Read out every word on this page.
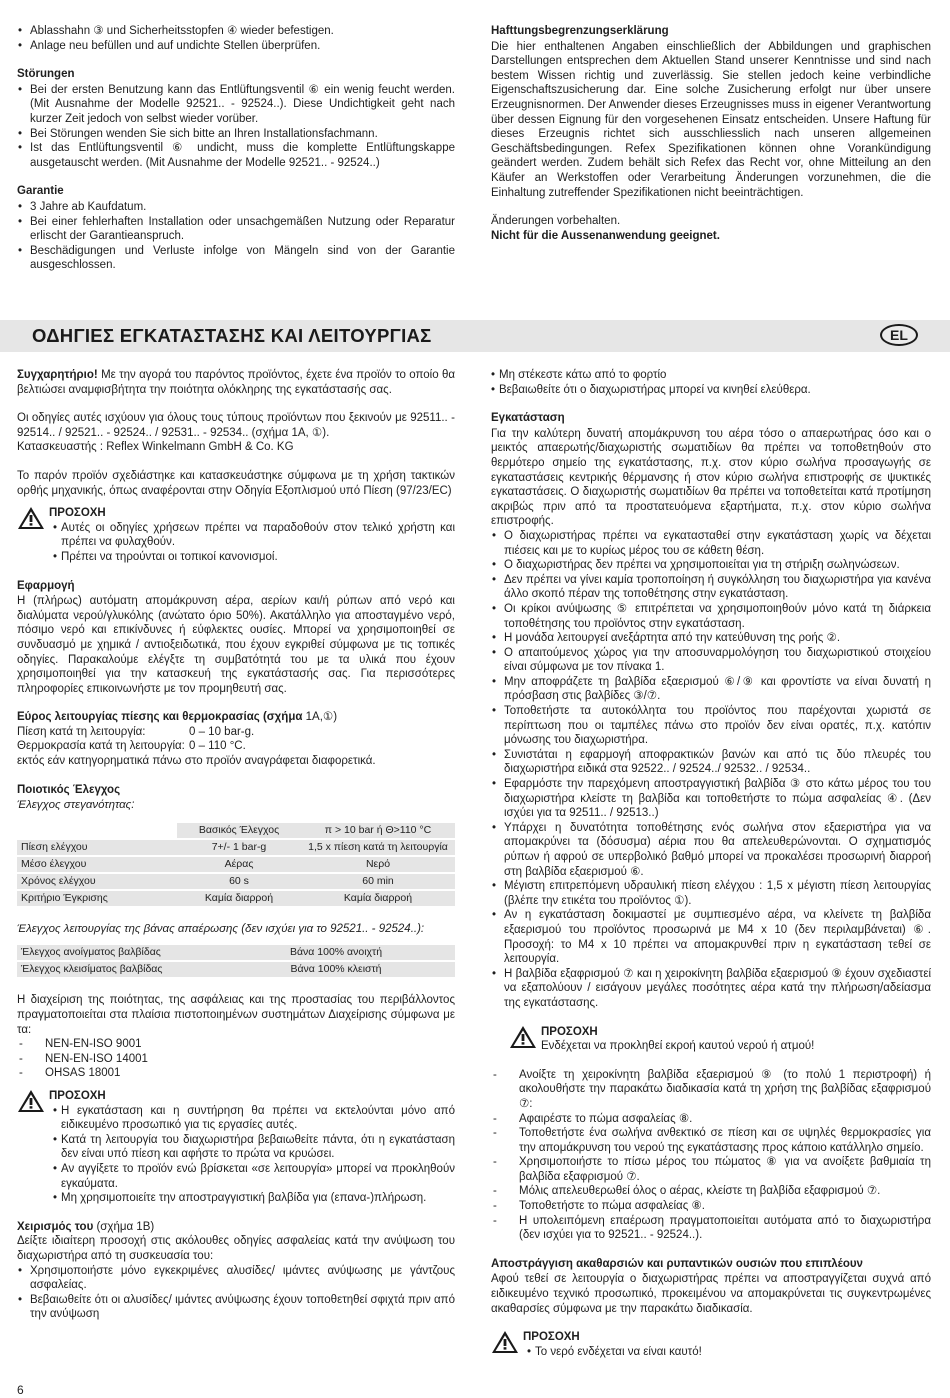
• Ablasshahn ③ und Sicherheitsstopfen ④ wieder befestigen.
• Anlage neu befüllen und auf undichte Stellen überprüfen.
Störungen
• Bei der ersten Benutzung kann das Entlüftungsventil ⑥ ein wenig feucht werden. (Mit Ausnahme der Modelle 92521.. - 92524..). Diese Undichtigkeit geht nach kurzer Zeit jedoch von selbst wieder vorüber.
• Bei Störungen wenden Sie sich bitte an Ihren Installationsfachmann.
• Ist das Entlüftungsventil ⑥ undicht, muss die komplette Entlüftungskappe ausgetauscht werden. (Mit Ausnahme der Modelle 92521.. - 92524..)
Garantie
• 3 Jahre ab Kaufdatum.
• Bei einer fehlerhaften Installation oder unsachgemäßen Nutzung oder Reparatur erlischt der Garantieanspruch.
• Beschädigungen und Verluste infolge von Mängeln sind von der Garantie ausgeschlossen.
Hafttungsbegrenzungserklärung

Die hier enthaltenen Angaben einschließlich der Abbildungen und graphischen Darstellungen entsprechen dem Aktuellen Stand unserer Kenntnisse und sind nach bestem Wissen richtig und zuverlässig. Sie stellen jedoch keine verbindliche Eigenschaftszusicherung dar. Eine solche Zusicherung erfolgt nur über unsere Erzeugnisnormen. Der Anwender dieses Erzeugnisses muss in eigener Verantwortung über dessen Eignung für den vorgesehenen Einsatz entscheiden. Unsere Haftung für dieses Erzeugnis richtet sich ausschliesslich nach unseren allgemeinen Geschäftsbedingungen. Refex Spezifikationen können ohne Vorankündigung geändert werden. Zudem behält sich Refex das Recht vor, ohne Mitteilung an den Käufer an Werkstoffen oder Verarbeitung Änderungen vorzunehmen, die die Einhaltung zutreffender Spezifikationen nicht beeinträchtigen.

Änderungen vorbehalten.

Nicht für die Aussenanwendung geeignet.

ΟΔΗΓΙΕΣ ΕΓΚΑΤΑΣΤΑΣΗΣ ΚΑΙ ΛΕΙΤΟΥΡΓΙΑΣ	EL

Συγχαρητήριο! Με την αγορά του παρόντος προϊόντος, έχετε ένα προϊόν το οποίο θα βελτιώσει αναμφισβήτητα την ποιότητα ολόκληρης της εγκατάστασής σας.

Οι οδηγίες αυτές ισχύουν για όλους τους τύπους προϊόντων που ξεκινούν με 92511.. - 92514.. / 92521.. - 92524.. / 92531.. - 92534.. (σχήμα 1A, ①).

Κατασκευαστής : Reflex Winkelmann GmbH & Co. KG

Το παρόν προϊόν σχεδιάστηκε και κατασκευάστηκε σύμφωνα με τη χρήση τακτικών ορθής μηχανικής, όπως αναφέρονται στην Οδηγία Εξοπλισμού υπό Πίεση (97/23/EC)

ΠΡΟΣΟΧΗ
• Αυτές οι οδηγίες χρήσεων πρέπει να παραδοθούν στον τελικό χρήστη και πρέπει να φυλαχθούν.
• Πρέπει να τηρούνται οι τοπικοί κανονισμοί.
Εφαρμογή

Η (πλήρως) αυτόματη απομάκρυνση αέρα, αερίων και/ή ρύπων από νερό και διαλύματα νερού/γλυκόλης (ανώτατο όριο 50%). Ακατάλληλο για αποσταγμένο νερό, πόσιμο νερό και επικίνδυνες ή εύφλεκτες ουσίες. Μπορεί να χρησιμοποιηθεί σε συνδυασμό με χημικά / αντιοξειδωτικά, που έχουν εγκριθεί σύμφωνα με τις τοπικές οδηγίες. Παρακαλούμε ελέγξτε τη συμβατότητά του με τα υλικά που έχουν χρησιμοποιηθεί για την κατασκευή της εγκατάστασής σας. Για περισσότερες πληροφορίες επικοινωνήστε με τον προμηθευτή σας.

Εύρος λειτουργίας πίεσης και θερμοκρασίας (σχήμα 1A,①)
Πίεση κατά τη λειτουργία:	0 – 10 bar-g.
Θερμοκρασία κατά τη λειτουργία: 0 – 110 °C.

εκτός εάν κατηγορηματικά πάνω στο προϊόν αναγράφεται διαφορετικά.

Ποιοτικός Έλεγχος
Έλεγχος στεγανότητας:
	Βασικός Έλεγχος	π > 10 bar ή Θ>110 °C
Πίεση ελέγχου	7+/- 1 bar-g	1,5 x πίεση κατά τη λειτουργία
Μέσο έλεγχου	Αέρας	Νερό
Χρόνος ελέγχου	60 s	60 min
Κριτήριο Έγκρισης	Καμία διαρροή	Καμία διαρροή
Έλεγχος λειτουργίας της βάνας απαέρωσης (δεν ισχύει για το 92521.. - 92524..):
Έλεγχος ανοίγματος βαλβίδας	Βάνα 100% ανοιχτή
Έλεγχος κλεισίματος βαλβίδας	Βάνα 100% κλειστή

Η διαχείριση της ποιότητας, της ασφάλειας και της προστασίας του περιβάλλοντος πραγματοποιείται στα πλαίσια πιστοποιημένων συστημάτων Διαχείρισης σύμφωνα με τα:

- NEN-EN-ISO 9001
- NEN-EN-ISO 14001
- OHSAS 18001
ΠΡΟΣΟΧΗ
• Η εγκατάσταση και η συντήρηση θα πρέπει να εκτελούνται μόνο από ειδικευμένο προσωπικό για τις εργασίες αυτές.
• Κατά τη λειτουργία του διαχωριστήρα βεβαιωθείτε πάντα, ότι η εγκατάσταση δεν είναι υπό πίεση και αφήστε το πρώτα να κρυώσει.
• Αν αγγίξετε το προϊόν ενώ βρίσκεται «σε λειτουργία» μπορεί να προκληθούν εγκαύματα.
• Μη χρησιμοποιείτε την αποστραγγιστική βαλβίδα για (επανα-)πλήρωση.
Χειρισμός του (σχήμα 1B)

Δείξτε ιδιαίτερη προσοχή στις ακόλουθες οδηγίες ασφαλείας κατά την ανύψωση του διαχωριστήρα από τη συσκευασία του:

• Χρησιμοποιήστε μόνο εγκεκριμένες αλυσίδες/ ιμάντες ανύψωσης με γάντζους ασφαλείας.
• Βεβαιωθείτε ότι οι αλυσίδες/ ιμάντες ανύψωσης έχουν τοποθετηθεί σφιχτά πριν από την ανύψωση
• Μη στέκεστε κάτω από το φορτίο
• Βεβαιωθείτε ότι ο διαχωριστήρας μπορεί να κινηθεί ελεύθερα.
Εγκατάσταση

Για την καλύτερη δυνατή απομάκρυνση του αέρα τόσο ο απαερωτήρας όσο και ο μεικτός απαερωτής/διαχωριστής σωματιδίων θα πρέπει να τοποθετηθούν στο θερμότερο σημείο της εγκατάστασης, π.χ. στον κύριο σωλήνα προσαγωγής σε εγκαταστάσεις κεντρικής θέρμανσης ή στον κύριο σωλήνα επιστροφής σε ψυκτικές εγκαταστάσεις. Ο διαχωριστής σωματιδίων θα πρέπει να τοποθετείται κατά προτίμηση ακριβώς πριν από τα προστατευόμενα εξαρτήματα, π.χ. στον κύριο σωλήνα επιστροφής.

• Ο διαχωριστήρας πρέπει να εγκατασταθεί στην εγκατάσταση χωρίς να δέχεται πιέσεις και με το κυρίως μέρος του σε κάθετη θέση.
• Ο διαχωριστήρας δεν πρέπει να χρησιμοποιείται για τη στήριξη σωληνώσεων.
• Δεν πρέπει να γίνει καμία τροποποίηση ή συγκόλληση του διαχωριστήρα για κανένα άλλο σκοπό πέραν της τοποθέτησης στην εγκατάσταση.
• Οι κρίκοι ανύψωσης ⑤ επιτρέπεται να χρησιμοποιηθούν μόνο κατά τη διάρκεια τοποθέτησης του προϊόντος στην εγκατάσταση.
• Η μονάδα λειτουργεί ανεξάρτητα από την κατεύθυνση της ροής ②.
• Ο απαιτούμενος χώρος για την αποσυναρμολόγηση του διαχωριστικού στοιχείου είναι σύμφωνα με τον πίνακα 1.
• Μην αποφράζετε τη βαλβίδα εξαερισμού ⑥/⑨ και φροντίστε να είναι δυνατή η πρόσβαση στις βαλβίδες ③/⑦.
• Τοποθετήστε τα αυτοκόλλητα του προϊόντος που παρέχονται χωριστά σε περίπτωση που οι ταμπέλες πάνω στο προϊόν δεν είναι ορατές, π.χ. κατόπιν μόνωσης του διαχωριστήρα.
• Συνιστάται η εφαρμογή αποφρακτικών βανών και από τις δύο πλευρές του διαχωριστήρα ειδικά στα 92522.. / 92524../ 92532.. / 92534..
• Εφαρμόστε την παρεχόμενη αποστραγγιστική βαλβίδα ③ στο κάτω μέρος του του διαχωριστήρα κλείστε τη βαλβίδα και τοποθετήστε το πώμα ασφαλείας ④. (Δεν ισχύει για τα 92511.. / 92513..)
• Υπάρχει η δυνατότητα τοποθέτησης ενός σωλήνα στον εξαεριστήρα για να απομακρύνει τα (δόσυσμα) αέρια που θα απελευθερώνονται. Ο σχηματισμός ρύπων ή αφρού σε υπερβολικό βαθμό μπορεί να προκαλέσει προσωρινή διαρροή στη βαλβίδα εξαερισμού ⑥.
• Μέγιστη επιτρεπόμενη υδραυλική πίεση ελέγχου : 1,5 x μέγιστη πίεση λειτουργίας (βλέπε την ετικέτα του προϊόντος ①).
• Αν η εγκατάσταση δοκιμαστεί με συμπιεσμένο αέρα, να κλείνετε τη βαλβίδα εξαερισμού του προϊόντος προσωρινά με M4 x 10 (δεν περιλαμβάνεται) ⑥. Προσοχή: το M4 x 10 πρέπει να απομακρυνθεί πριν η εγκατάσταση τεθεί σε λειτουργία.
• Η βαλβίδα εξαφρισμού ⑦ και η χειροκίνητη βαλβίδα εξαερισμού ⑨ έχουν σχεδιαστεί να εξαπολύουν / εισάγουν μεγάλες ποσότητες αέρα κατά την πλήρωση/αδείασμα της εγκατάστασης.
ΠΡΟΣΟΧΗ
Ενδέχεται να προκληθεί εκροή καυτού νερού ή ατμού!
- Ανοίξτε τη χειροκίνητη βαλβίδα εξαερισμού ⑨ (το πολύ 1 περιστροφή) ή ακολουθήστε την παρακάτω διαδικασία κατά τη χρήση της βαλβίδας εξαφρισμού ⑦:
- Αφαιρέστε το πώμα ασφαλείας ⑧.
- Τοποθετήστε ένα σωλήνα ανθεκτικό σε πίεση και σε υψηλές θερμοκρασίες για την απομάκρυνση του νερού της εγκατάστασης προς κάποιο κατάλληλο σημείο.
- Χρησιμοποιήστε το πίσω μέρος του πώματος ⑧ για να ανοίξετε βαθμιαία τη βαλβίδα εξαφρισμού ⑦.
- Μόλις απελευθερωθεί όλος ο αέρας, κλείστε τη βαλβίδα εξαφρισμού ⑦.
- Τοποθετήστε το πώμα ασφαλείας ⑧.
- Η υπολειπόμενη επαέρωση πραγματοποιείται αυτόματα από το διαχωριστήρα (δεν ισχύει για το 92521.. - 92524..).
Αποστράγγιση ακαθαρσιών και ρυπαντικών ουσιών που επιπλέουν

Αφού τεθεί σε λειτουργία ο διαχωριστήρας πρέπει να αποστραγγίζεται συχνά από ειδικευμένο τεχνικό προσωπικό, προκειμένου να απομακρύνεται τις συγκεντρωμένες ακαθαρσίες σύμφωνα με την παρακάτω διαδικασία.

ΠΡΟΣΟΧΗ
• Το νερό ενδέχεται να είναι καυτό!
6
